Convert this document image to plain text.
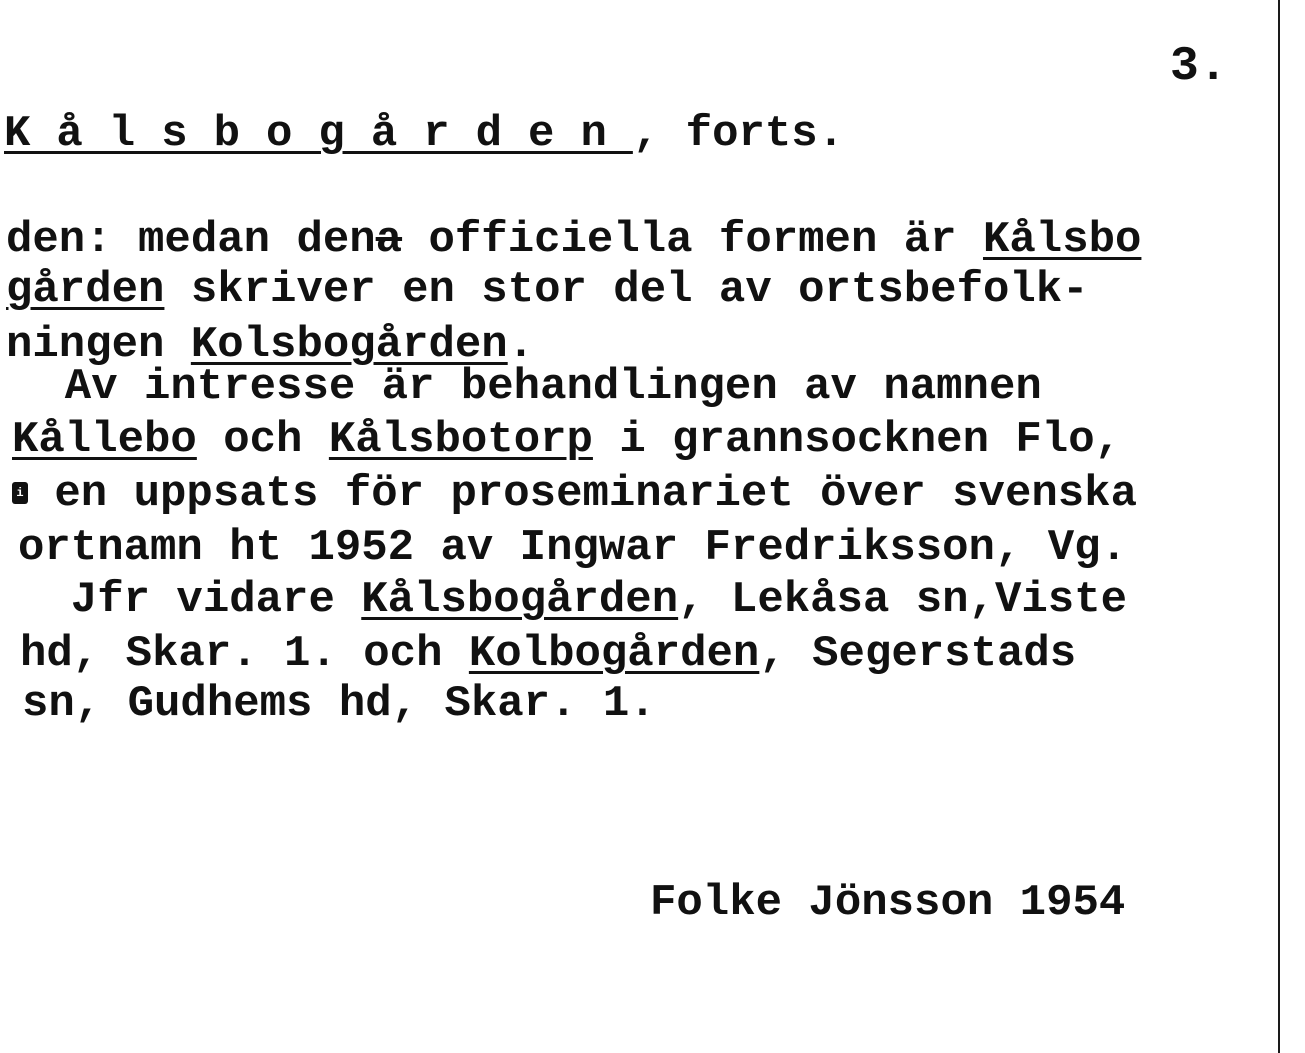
3.
Kålsbogården, forts.
den: medan dena officiella formen är Kålsbo
gården skriver en stor del av ortsbefolk-
ningen Kolsbogården.
Av intresse är behandlingen av namnen
Kållebo och Kålsbotorp i grannsocknen Flo,
i en uppsats för proseminariet över svenska
ortnamn ht 1952 av Ingwar Fredriksson, Vg.
Jfr vidare Kålsbogården, Lekåsa sn,Viste
hd, Skar. 1. och Kolbogården, Segerstads
sn, Gudhems hd, Skar. 1.
Folke Jönsson 1954
